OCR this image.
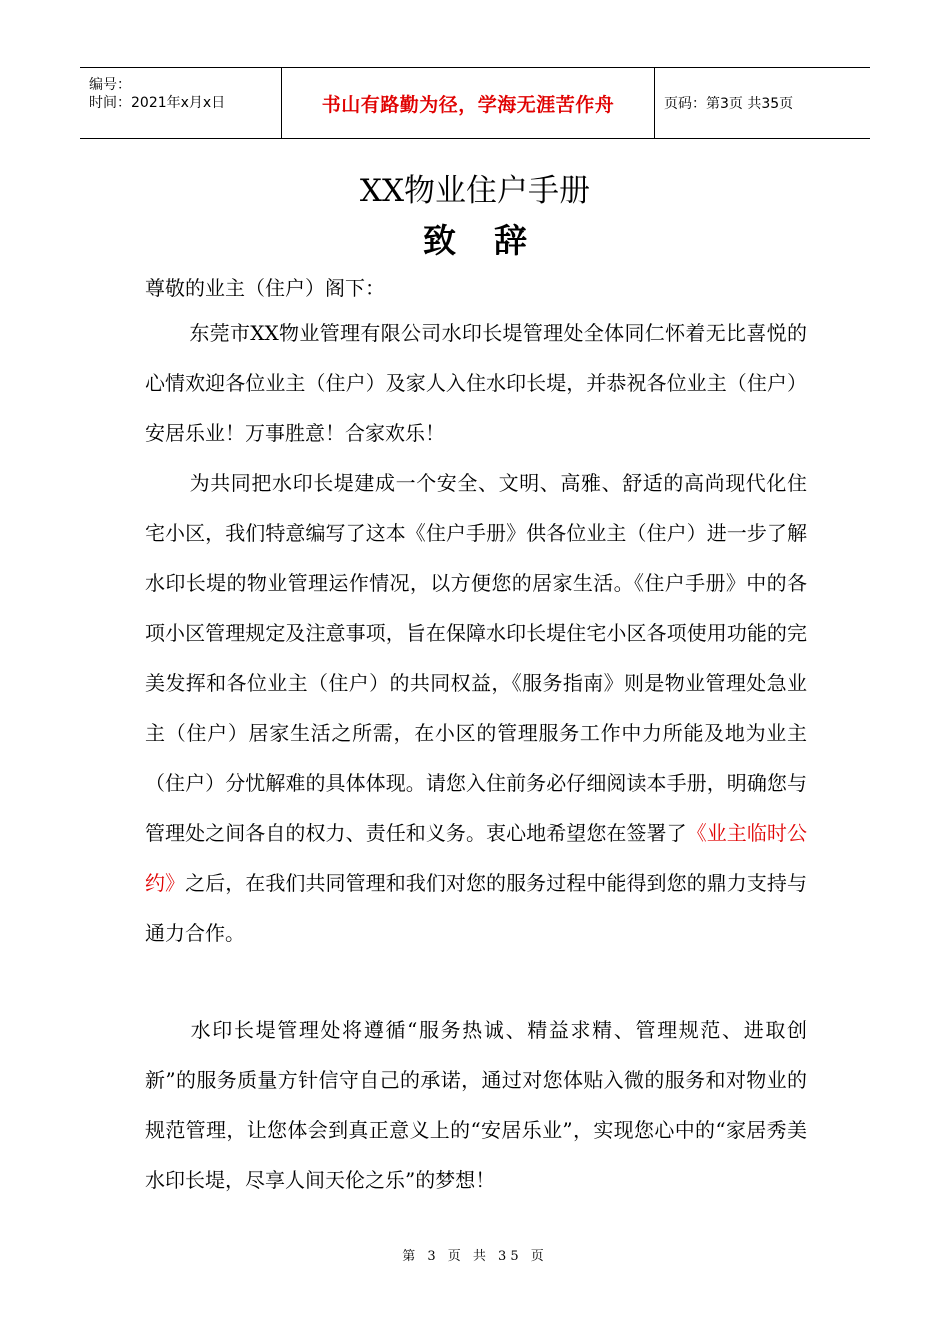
编号：
时间：2021年x月x日	书山有路勤为径，学海无涯苦作舟	页码：第3页 共35页
XX物业住户手册
致辞
尊敬的业主（住户）阁下：

东莞市XX物业管理有限公司水印长堤管理处全体同仁怀着无比喜悦的心情欢迎各位业主（住户）及家人入住水印长堤，并恭祝各位业主（住户）安居乐业！万事胜意！合家欢乐！

为共同把水印长堤建成一个安全、文明、高雅、舒适的高尚现代化住宅小区，我们特意编写了这本《住户手册》供各位业主（住户）进一步了解水印长堤的物业管理运作情况，以方便您的居家生活。《住户手册》中的各项小区管理规定及注意事项，旨在保障水印长堤住宅小区各项使用功能的完美发挥和各位业主（住户）的共同权益，《服务指南》则是物业管理处急业主（住户）居家生活之所需，在小区的管理服务工作中力所能及地为业主（住户）分忧解难的具体体现。请您入住前务必仔细阅读本手册，明确您与管理处之间各自的权力、责任和义务。衷心地希望您在签署了《业主临时公约》之后，在我们共同管理和我们对您的服务过程中能得到您的鼎力支持与通力合作。

水印长堤管理处将遵循“服务热诚、精益求精、管理规范、进取创新”的服务质量方针信守自己的承诺，通过对您体贴入微的服务和对物业的规范管理，让您体会到真正意义上的“安居乐业”，实现您心中的“家居秀美水印长堤，尽享人间天伦之乐”的梦想！

第 3 页 共 35 页
